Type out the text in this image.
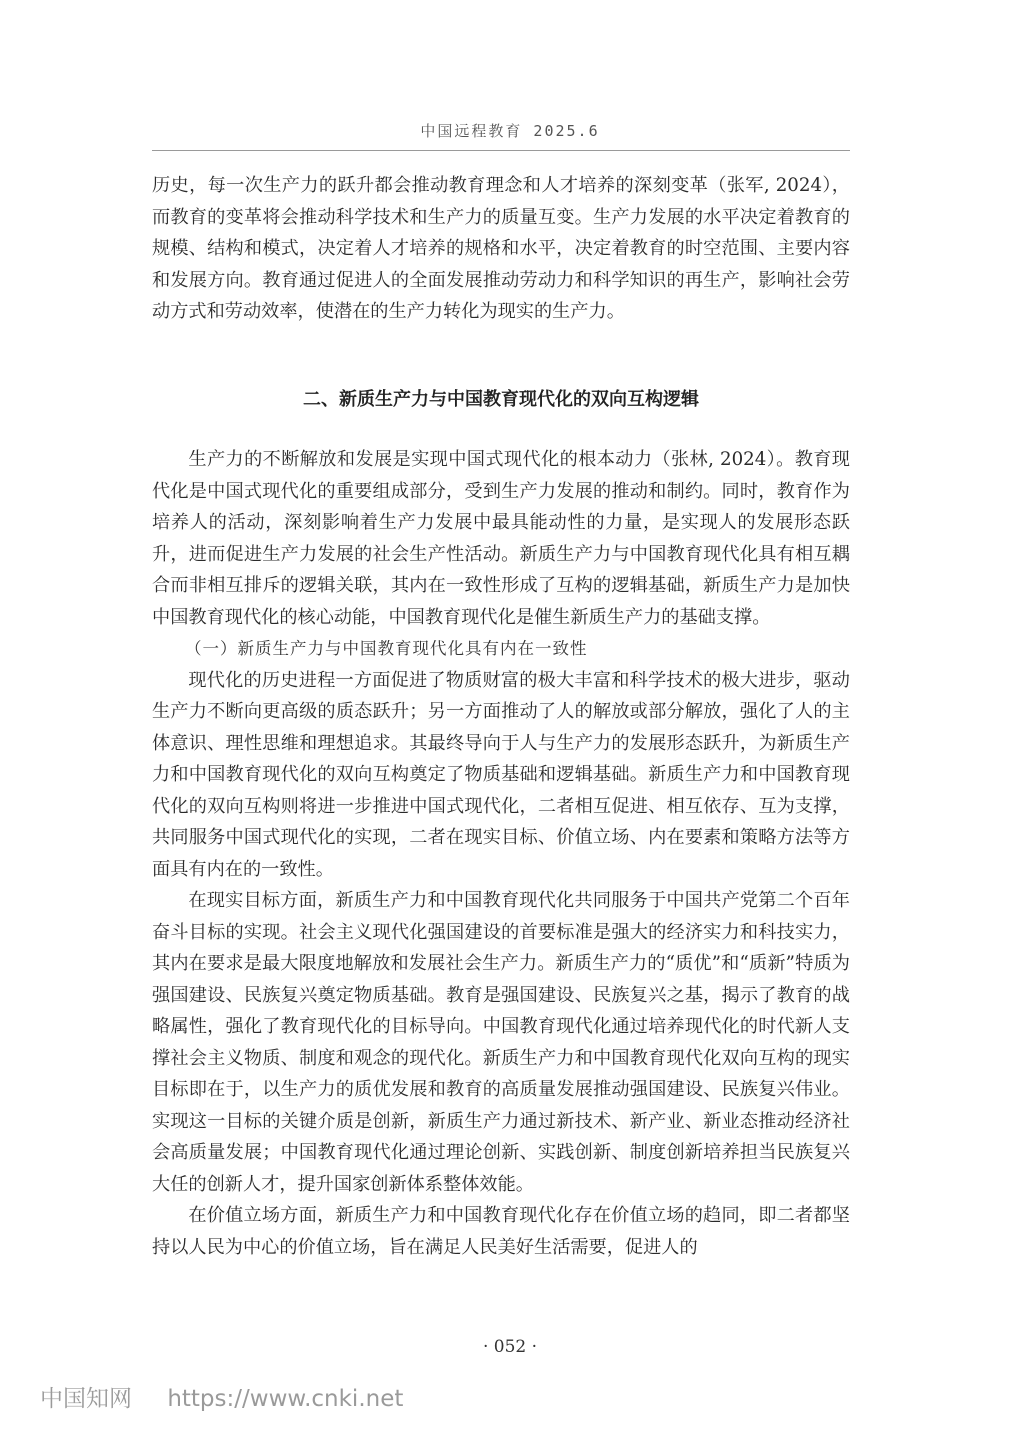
中国远程教育 2025.6

历史，每一次生产力的跃升都会推动教育理念和人才培养的深刻变革（张军, 2024），而教育的变革将会推动科学技术和生产力的质量互变。生产力发展的水平决定着教育的规模、结构和模式，决定着人才培养的规格和水平，决定着教育的时空范围、主要内容和发展方向。教育通过促进人的全面发展推动劳动力和科学知识的再生产，影响社会劳动方式和劳动效率，使潜在的生产力转化为现实的生产力。

二、新质生产力与中国教育现代化的双向互构逻辑

生产力的不断解放和发展是实现中国式现代化的根本动力（张林, 2024）。教育现代化是中国式现代化的重要组成部分，受到生产力发展的推动和制约。同时，教育作为培养人的活动，深刻影响着生产力发展中最具能动性的力量，是实现人的发展形态跃升，进而促进生产力发展的社会生产性活动。新质生产力与中国教育现代化具有相互耦合而非相互排斥的逻辑关联，其内在一致性形成了互构的逻辑基础，新质生产力是加快中国教育现代化的核心动能，中国教育现代化是催生新质生产力的基础支撑。

（一）新质生产力与中国教育现代化具有内在一致性

现代化的历史进程一方面促进了物质财富的极大丰富和科学技术的极大进步，驱动生产力不断向更高级的质态跃升；另一方面推动了人的解放或部分解放，强化了人的主体意识、理性思维和理想追求。其最终导向于人与生产力的发展形态跃升，为新质生产力和中国教育现代化的双向互构奠定了物质基础和逻辑基础。新质生产力和中国教育现代化的双向互构则将进一步推进中国式现代化，二者相互促进、相互依存、互为支撑，共同服务中国式现代化的实现，二者在现实目标、价值立场、内在要素和策略方法等方面具有内在的一致性。

在现实目标方面，新质生产力和中国教育现代化共同服务于中国共产党第二个百年奋斗目标的实现。社会主义现代化强国建设的首要标准是强大的经济实力和科技实力，其内在要求是最大限度地解放和发展社会生产力。新质生产力的“质优”和“质新”特质为强国建设、民族复兴奠定物质基础。教育是强国建设、民族复兴之基，揭示了教育的战略属性，强化了教育现代化的目标导向。中国教育现代化通过培养现代化的时代新人支撑社会主义物质、制度和观念的现代化。新质生产力和中国教育现代化双向互构的现实目标即在于，以生产力的质优发展和教育的高质量发展推动强国建设、民族复兴伟业。实现这一目标的关键介质是创新，新质生产力通过新技术、新产业、新业态推动经济社会高质量发展；中国教育现代化通过理论创新、实践创新、制度创新培养担当民族复兴大任的创新人才，提升国家创新体系整体效能。

在价值立场方面，新质生产力和中国教育现代化存在价值立场的趋同，即二者都坚持以人民为中心的价值立场，旨在满足人民美好生活需要，促进人的

· 052 ·
中国知网 https://www.cnki.net
